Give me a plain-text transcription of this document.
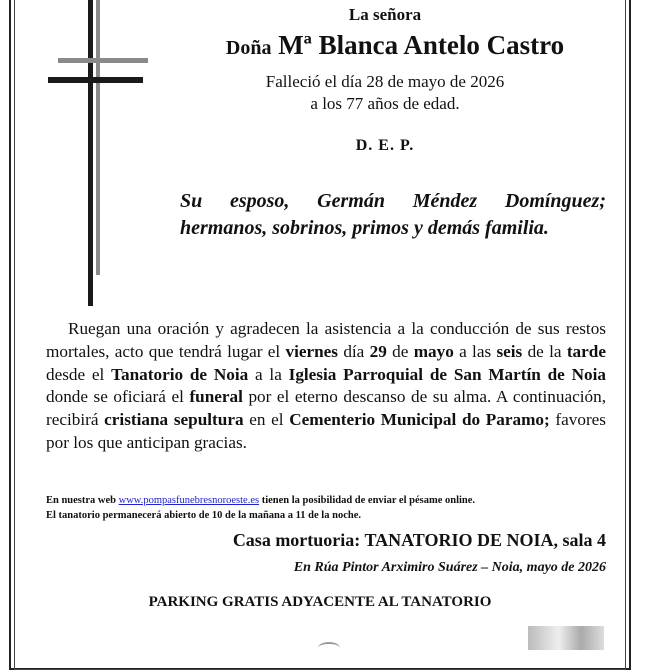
La señora
Doña Mª Blanca Antelo Castro
Falleció el día 28 de mayo de 2026
a los 77 años de edad.
D. E. P.
Su esposo, Germán Méndez Domínguez; hermanos, sobrinos, primos y demás familia.
Ruegan una oración y agradecen la asistencia a la conducción de sus restos mortales, acto que tendrá lugar el viernes día 29 de mayo a las seis de la tarde desde el Tanatorio de Noia a la Iglesia Parroquial de San Martín de Noia donde se oficiará el funeral por el eterno descanso de su alma. A continuación, recibirá cristiana sepultura en el Cementerio Municipal do Paramo; favores por los que anticipan gracias.
En nuestra web www.pompasfunebresnoroeste.es tienen la posibilidad de enviar el pésame online.
El tanatorio permanecerá abierto de 10 de la mañana a 11 de la noche.
Casa mortuoria: TANATORIO DE NOIA, sala 4
En Rúa Pintor Arximiro Suárez – Noia, mayo de 2026
PARKING GRATIS ADYACENTE AL TANATORIO
